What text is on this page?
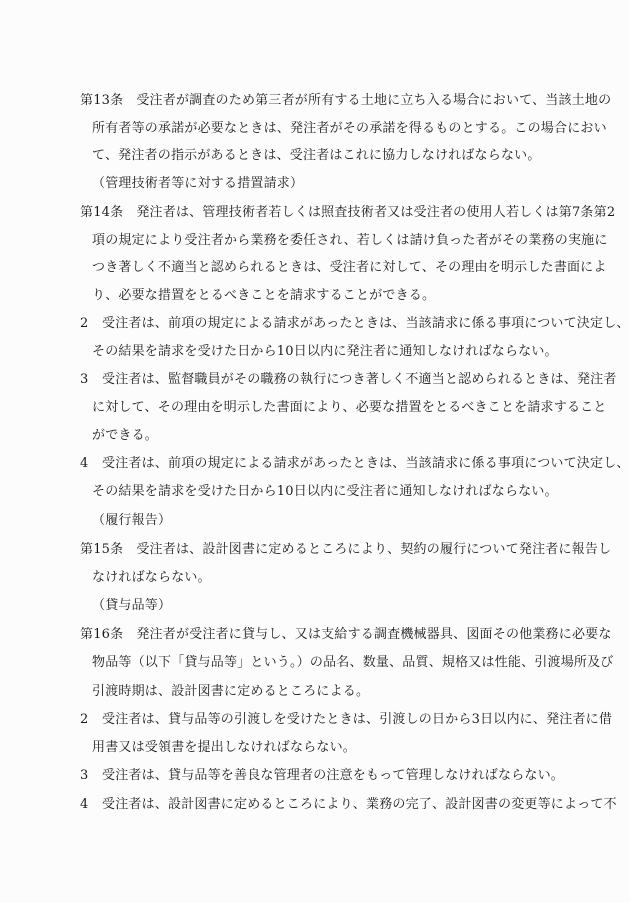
第13条 受注者が調査のため第三者が所有する土地に立ち入る場合において、当該土地の
所有者等の承諾が必要なときは、発注者がその承諾を得るものとする。この場合におい
て、発注者の指示があるときは、受注者はこれに協力しなければならない。
（管理技術者等に対する措置請求）
第14条 発注者は、管理技術者若しくは照査技術者又は受注者の使用人若しくは第7条第2
項の規定により受注者から業務を委任され、若しくは請け負った者がその業務の実施に
つき著しく不適当と認められるときは、受注者に対して、その理由を明示した書面によ
り、必要な措置をとるべきことを請求することができる。
2 受注者は、前項の規定による請求があったときは、当該請求に係る事項について決定し、
その結果を請求を受けた日から10日以内に発注者に通知しなければならない。
3 受注者は、監督職員がその職務の執行につき著しく不適当と認められるときは、発注者
に対して、その理由を明示した書面により、必要な措置をとるべきことを請求すること
ができる。
4 受注者は、前項の規定による請求があったときは、当該請求に係る事項について決定し、
その結果を請求を受けた日から10日以内に受注者に通知しなければならない。
（履行報告）
第15条 受注者は、設計図書に定めるところにより、契約の履行について発注者に報告し
なければならない。
（貸与品等）
第16条 発注者が受注者に貸与し、又は支給する調査機械器具、図面その他業務に必要な
物品等（以下「貸与品等」という。）の品名、数量、品質、規格又は性能、引渡場所及び
引渡時期は、設計図書に定めるところによる。
2 受注者は、貸与品等の引渡しを受けたときは、引渡しの日から3日以内に、発注者に借
用書又は受領書を提出しなければならない。
3 受注者は、貸与品等を善良な管理者の注意をもって管理しなければならない。
4 受注者は、設計図書に定めるところにより、業務の完了、設計図書の変更等によって不
